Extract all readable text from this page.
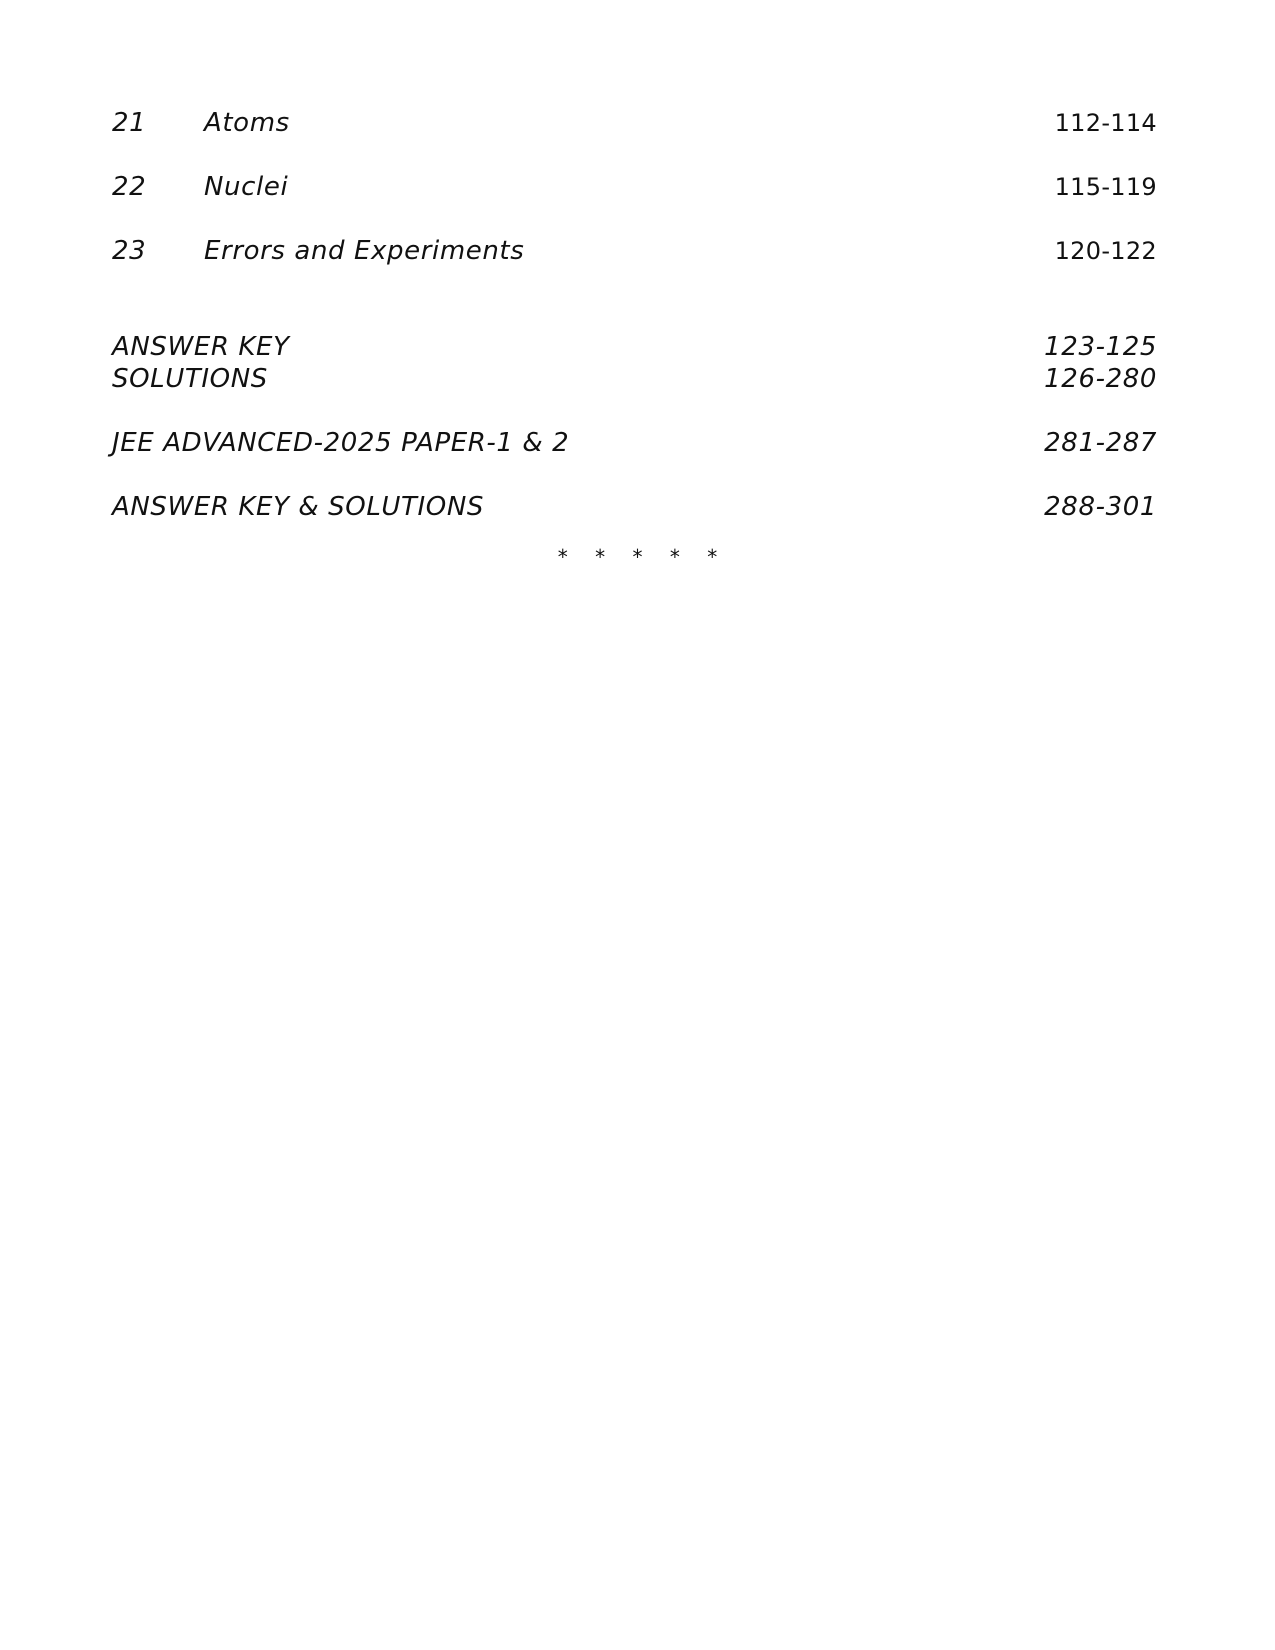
21	Atoms	112-114
22	Nuclei	115-119
23	Errors and Experiments	120-122
ANSWER KEY	123-125
SOLUTIONS	126-280
JEE ADVANCED-2025 PAPER-1 & 2	281-287
ANSWER KEY & SOLUTIONS	288-301
* * * * *
